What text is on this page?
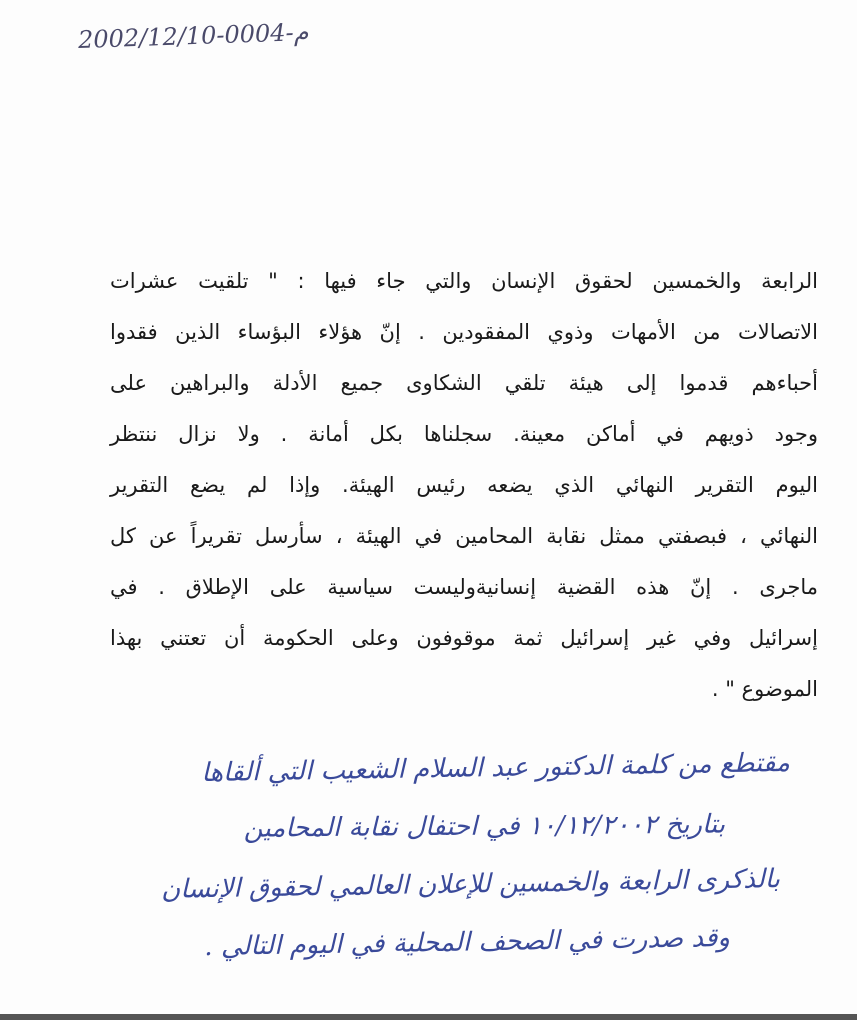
2002/12/10-0004-م
الرابعة والخمسين لحقوق الإنسان والتي جاء فيها : " تلقيت عشرات
الاتصالات من الأمهات وذوي المفقودين . إنّ هؤلاء البؤساء الذين فقدوا
أحباءهم قدموا إلى هيئة تلقي الشكاوى جميع الأدلة والبراهين على
وجود ذويهم في أماكن معينة. سجلناها بكل أمانة . ولا نزال ننتظر
اليوم التقرير النهائي الذي يضعه رئيس الهيئة. وإذا لم يضع التقرير
النهائي ، فبصفتي ممثل نقابة المحامين في الهيئة ، سأرسل تقريراً عن كل
ماجرى . إنّ هذه القضية إنسانيةوليست سياسية على الإطلاق . في
إسرائيل وفي غير إسرائيل ثمة موقوفون وعلى الحكومة أن تعتني بهذا
الموضوع " .
مقتطع من كلمة الدكتور عبد السلام الشعيب التي ألقاها
بتاريخ ١٠/١٢/٢٠٠٢ في احتفال نقابة المحامين
بالذكرى الرابعة والخمسين للإعلان العالمي لحقوق الإنسان
وقد صدرت في الصحف المحلية في اليوم التالي .
